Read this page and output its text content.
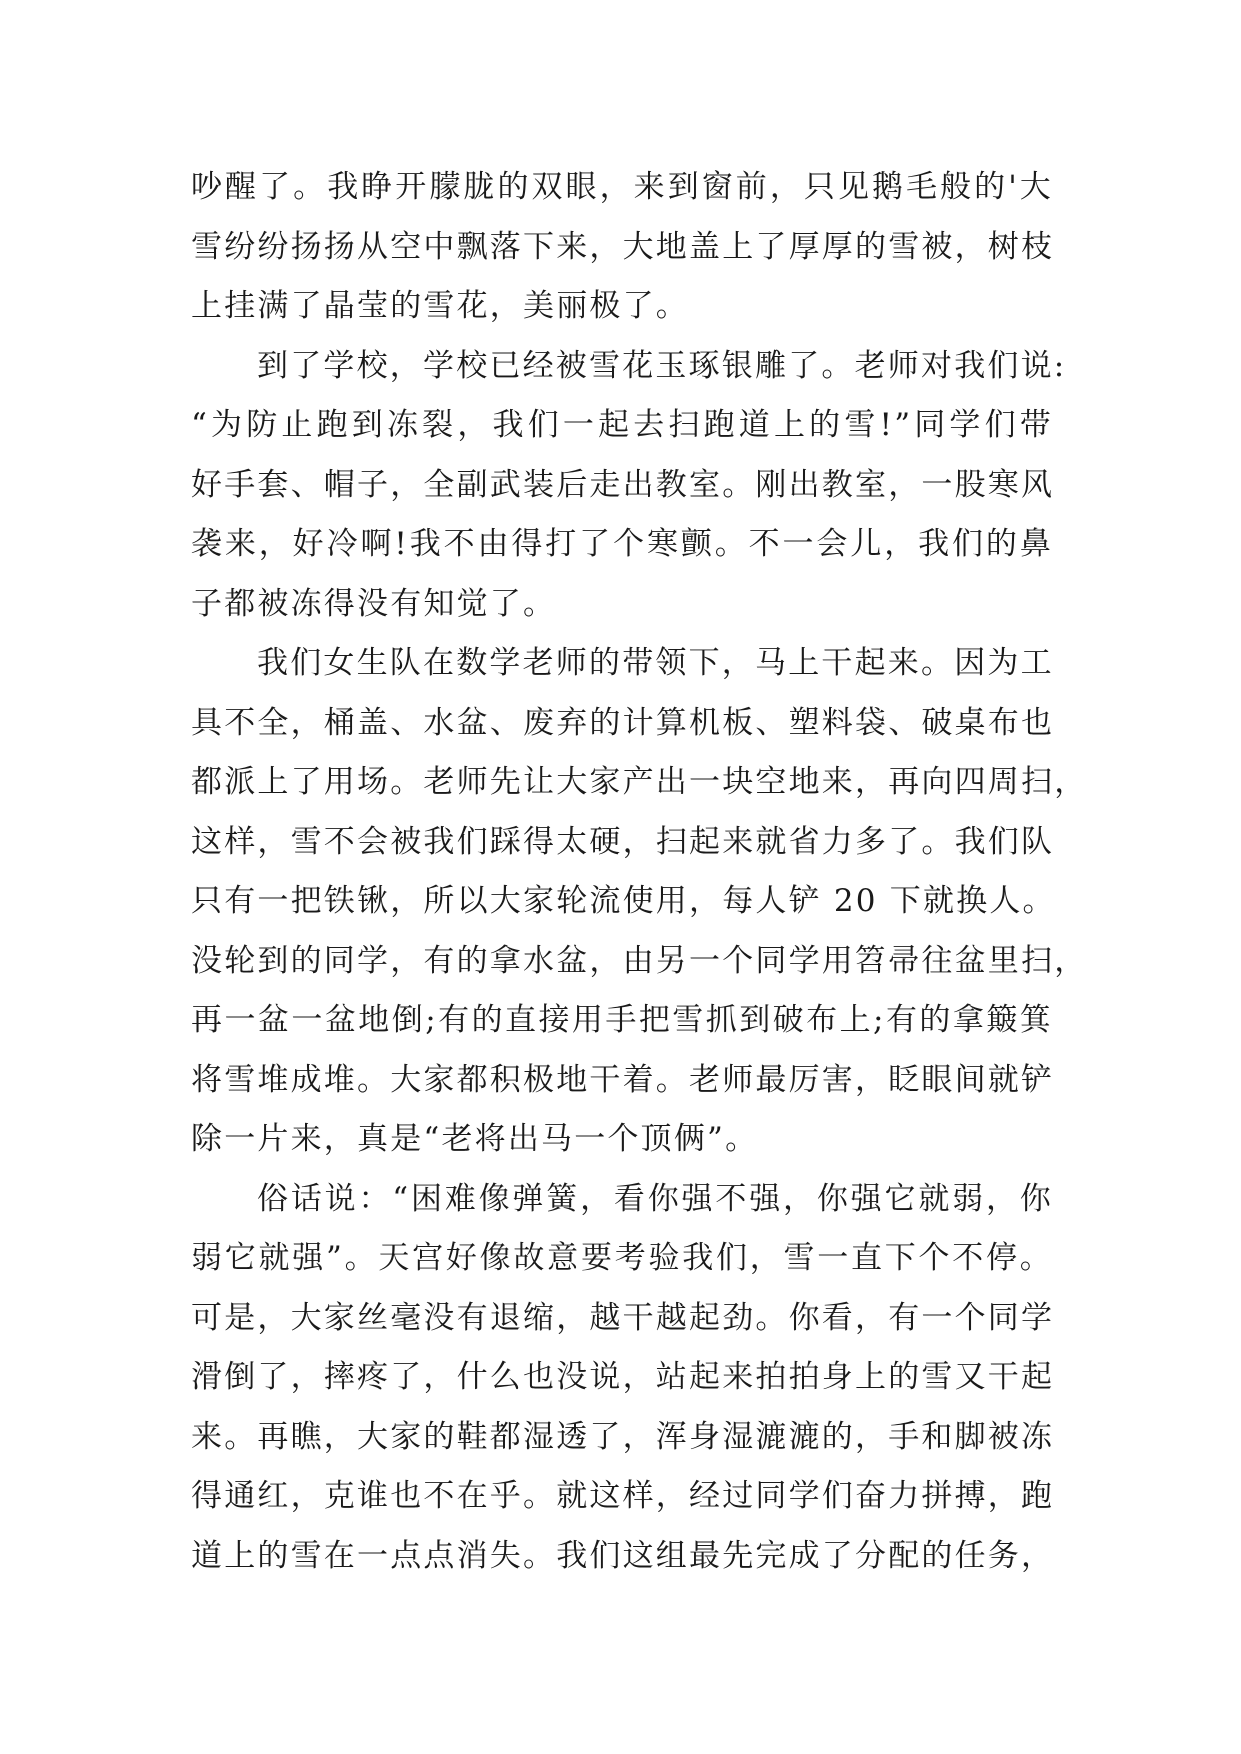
吵醒了。我睁开朦胧的双眼，来到窗前，只见鹅毛般的'大
雪纷纷扬扬从空中飘落下来，大地盖上了厚厚的雪被，树枝
上挂满了晶莹的雪花，美丽极了。
到了学校，学校已经被雪花玉琢银雕了。老师对我们说:
“为防止跑到冻裂，我们一起去扫跑道上的雪!”同学们带
好手套、帽子，全副武装后走出教室。刚出教室，一股寒风
袭来，好冷啊!我不由得打了个寒颤。不一会儿，我们的鼻
子都被冻得没有知觉了。
我们女生队在数学老师的带领下，马上干起来。因为工
具不全，桶盖、水盆、废弃的计算机板、塑料袋、破桌布也
都派上了用场。老师先让大家产出一块空地来，再向四周扫，
这样，雪不会被我们踩得太硬，扫起来就省力多了。我们队
只有一把铁锹，所以大家轮流使用，每人铲 20 下就换人。
没轮到的同学，有的拿水盆，由另一个同学用笤帚往盆里扫，
再一盆一盆地倒;有的直接用手把雪抓到破布上;有的拿簸箕
将雪堆成堆。大家都积极地干着。老师最厉害，眨眼间就铲
除一片来，真是“老将出马一个顶俩”。
俗话说：“困难像弹簧，看你强不强，你强它就弱，你
弱它就强”。天宫好像故意要考验我们，雪一直下个不停。
可是，大家丝毫没有退缩，越干越起劲。你看，有一个同学
滑倒了，摔疼了，什么也没说，站起来拍拍身上的雪又干起
来。再瞧，大家的鞋都湿透了，浑身湿漉漉的，手和脚被冻
得通红，克谁也不在乎。就这样，经过同学们奋力拼搏，跑
道上的雪在一点点消失。我们这组最先完成了分配的任务，
